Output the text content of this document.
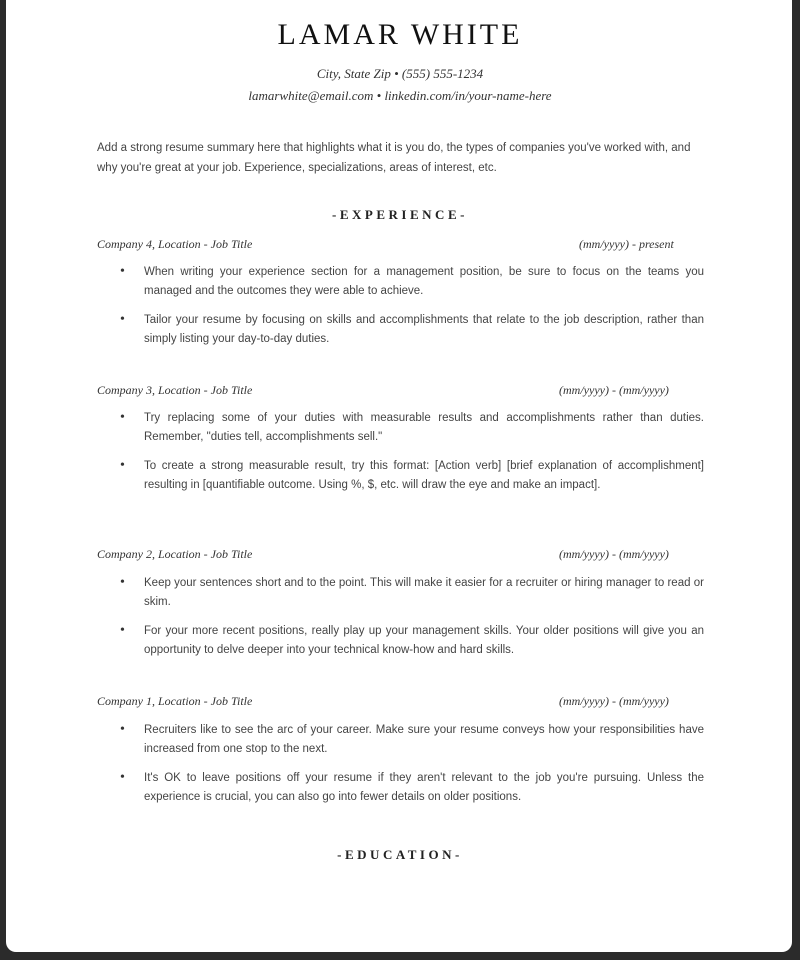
LAMAR WHITE
City, State Zip • (555) 555-1234
lamarwhite@email.com • linkedin.com/in/your-name-here
Add a strong resume summary here that highlights what it is you do, the types of companies you've worked with, and why you're great at your job. Experience, specializations, areas of interest, etc.
-EXPERIENCE-
Company 4, Location - Job Title	(mm/yyyy) - present
• When writing your experience section for a management position, be sure to focus on the teams you managed and the outcomes they were able to achieve.
• Tailor your resume by focusing on skills and accomplishments that relate to the job description, rather than simply listing your day-to-day duties.
Company 3, Location - Job Title	(mm/yyyy) - (mm/yyyy)
• Try replacing some of your duties with measurable results and accomplishments rather than duties. Remember, "duties tell, accomplishments sell."
• To create a strong measurable result, try this format: [Action verb] [brief explanation of accomplishment] resulting in [quantifiable outcome. Using %, $, etc. will draw the eye and make an impact].
Company 2, Location - Job Title	(mm/yyyy) - (mm/yyyy)
• Keep your sentences short and to the point. This will make it easier for a recruiter or hiring manager to read or skim.
• For your more recent positions, really play up your management skills. Your older positions will give you an opportunity to delve deeper into your technical know-how and hard skills.
Company 1, Location - Job Title	(mm/yyyy) - (mm/yyyy)
• Recruiters like to see the arc of your career. Make sure your resume conveys how your responsibilities have increased from one stop to the next.
• It's OK to leave positions off your resume if they aren't relevant to the job you're pursuing. Unless the experience is crucial, you can also go into fewer details on older positions.
-EDUCATION-
